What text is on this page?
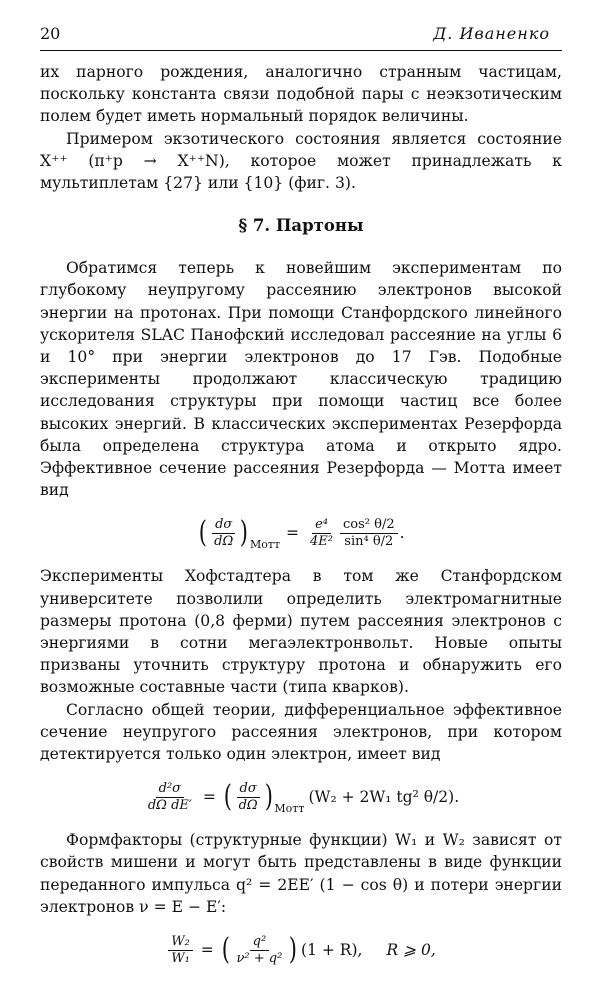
20	Д. Иваненко

их парного рождения, аналогично странным частицам, поскольку константа связи подобной пары с неэкзотическим полем будет иметь нормальный порядок величины.

Примером экзотического состояния является состояние X⁺⁺ (π⁺p → X⁺⁺N), которое может принадлежать к мультиплетам {27} или {10} (фиг. 3).

§ 7. Партоны

Обратимся теперь к новейшим экспериментам по глубокому неупругому рассеянию электронов высокой энергии на протонах. При помощи Станфордского линейного ускорителя SLAC Панофский исследовал рассеяние на углы 6 и 10° при энергии электронов до 17 Гэв. Подобные эксперименты продолжают классическую традицию исследования структуры при помощи частиц все более высоких энергий. В классических экспериментах Резерфорда была определена структура атома и открыто ядро. Эффективное сечение рассеяния Резерфорда — Мотта имеет вид

( $\frac{d\sigma}{d\Omega}$ ) Мотт
= $\frac{\text{e⁴}}{\text{4E²}} \frac{\text{cos² θ/2}}{\text{sin⁴ θ/2}}$ .

Эксперименты Хофстадтера в том же Станфордском университете позволили определить электромагнитные размеры протона (0,8 ферми) путем рассеяния электронов с энергиями в сотни мегаэлектронвольт. Новые опыты призваны уточнить структуру протона и обнаружить его возможные составные части (типа кварков).

Согласно общей теории, дифференциальное эффективное сечение неупругого рассеяния электронов, при котором детектируется только один электрон, имеет вид

$\frac{\text{d²σ}}{\text{dΩ dE′}}$ = ( $\frac{d\sigma}{d\Omega}$ ) Мотт
(W₂ + 2W₁ tg² θ/2).

Формфакторы (структурные функции) W₁ и W₂ зависят от свойств мишени и могут быть представлены в виде функции переданного импульса q² = 2EE′ (1 − cos θ) и потери энергии электронов ν = E − E′:

$\frac{\text{W₂}}{\text{W₁}}$ = ( $\frac{\text{q²}}{\text{ν² + q²}}$ ) (1 + R), R ⩾ 0,
